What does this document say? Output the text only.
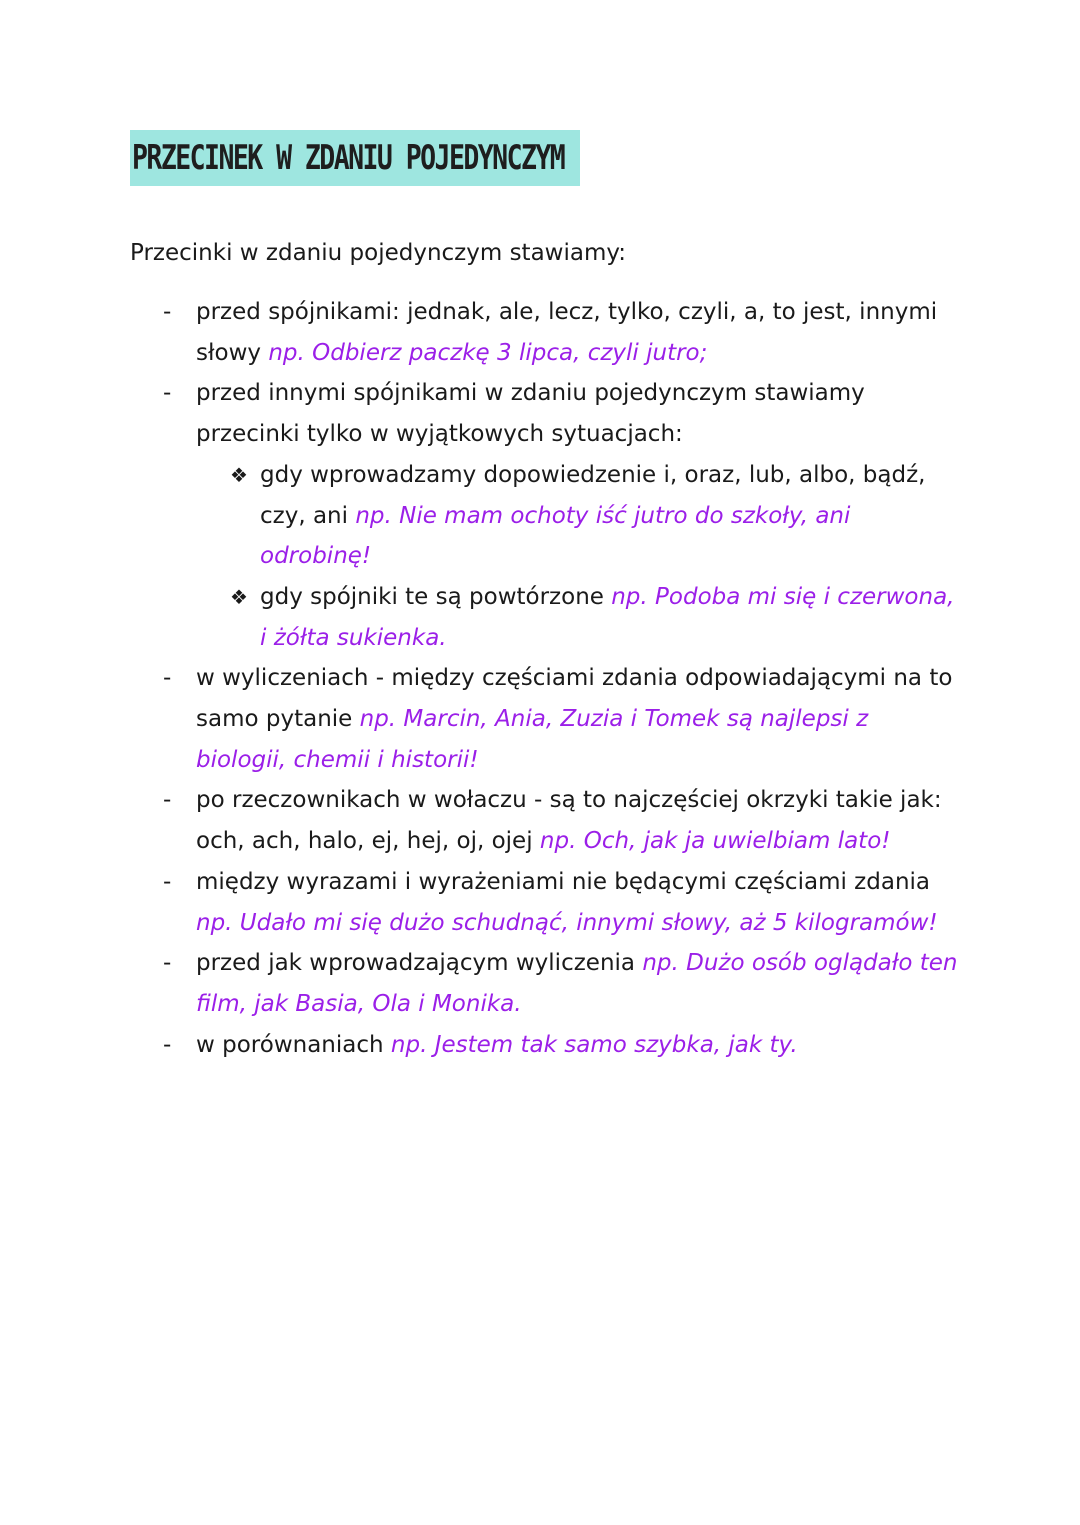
PRZECINEK W ZDANIU POJEDYNCZYM
Przecinki w zdaniu pojedynczym stawiamy:
- przed spójnikami: jednak, ale, lecz, tylko, czyli, a, to jest, innymi słowy np. Odbierz paczkę 3 lipca, czyli jutro;
- przed innymi spójnikami w zdaniu pojedynczym stawiamy przecinki tylko w wyjątkowych sytuacjach:
❖ gdy wprowadzamy dopowiedzenie i, oraz, lub, albo, bądź, czy, ani np. Nie mam ochoty iść jutro do szkoły, ani odrobinę!
❖ gdy spójniki te są powtórzone np. Podoba mi się i czerwona, i żółta sukienka.
- w wyliczeniach - między częściami zdania odpowiadającymi na to samo pytanie np. Marcin, Ania, Zuzia i Tomek są najlepsi z biologii, chemii i historii!
- po rzeczownikach w wołaczu - są to najczęściej okrzyki takie jak: och, ach, halo, ej, hej, oj, ojej np. Och, jak ja uwielbiam lato!
- między wyrazami i wyrażeniami nie będącymi częściami zdania np. Udało mi się dużo schudnąć, innymi słowy, aż 5 kilogramów!
- przed jak wprowadzającym wyliczenia np. Dużo osób oglądało ten film, jak Basia, Ola i Monika.
- w porównaniach np. Jestem tak samo szybka, jak ty.
